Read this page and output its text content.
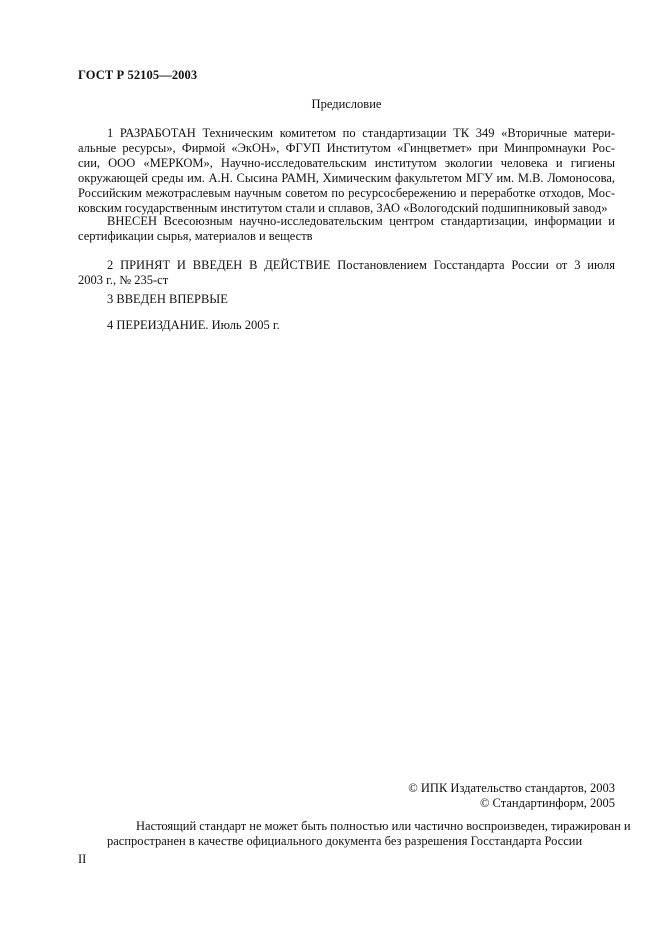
ГОСТ Р 52105—2003
Предисловие
1 РАЗРАБОТАН Техническим комитетом по стандартизации ТК 349 «Вторичные матери-
альные ресурсы», Фирмой «ЭкОН», ФГУП Институтом «Гинцветмет» при Минпромнауки Рос-
сии, ООО «МЕРКОМ», Научно-исследовательским институтом экологии человека и гигиены
окружающей среды им. А.Н. Сысина РАМН, Химическим факультетом МГУ им. М.В. Ломоносова,
Российским межотраслевым научным советом по ресурсосбережению и переработке отходов, Мос-
ковским государственным институтом стали и сплавов, ЗАО «Вологодский подшипниковый завод»
ВНЕСЕН Всесоюзным научно-исследовательским центром стандартизации, информации и
сертификации сырья, материалов и веществ
2 ПРИНЯТ И ВВЕДЕН В ДЕЙСТВИЕ Постановлением Госстандарта России от 3 июля
2003 г., № 235-ст
3 ВВЕДЕН ВПЕРВЫЕ
4 ПЕРЕИЗДАНИЕ. Июль 2005 г.
© ИПК Издательство стандартов, 2003
© Стандартинформ, 2005
Настоящий стандарт не может быть полностью или частично воспроизведен, тиражирован и
распространен в качестве официального документа без разрешения Госстандарта России
II
